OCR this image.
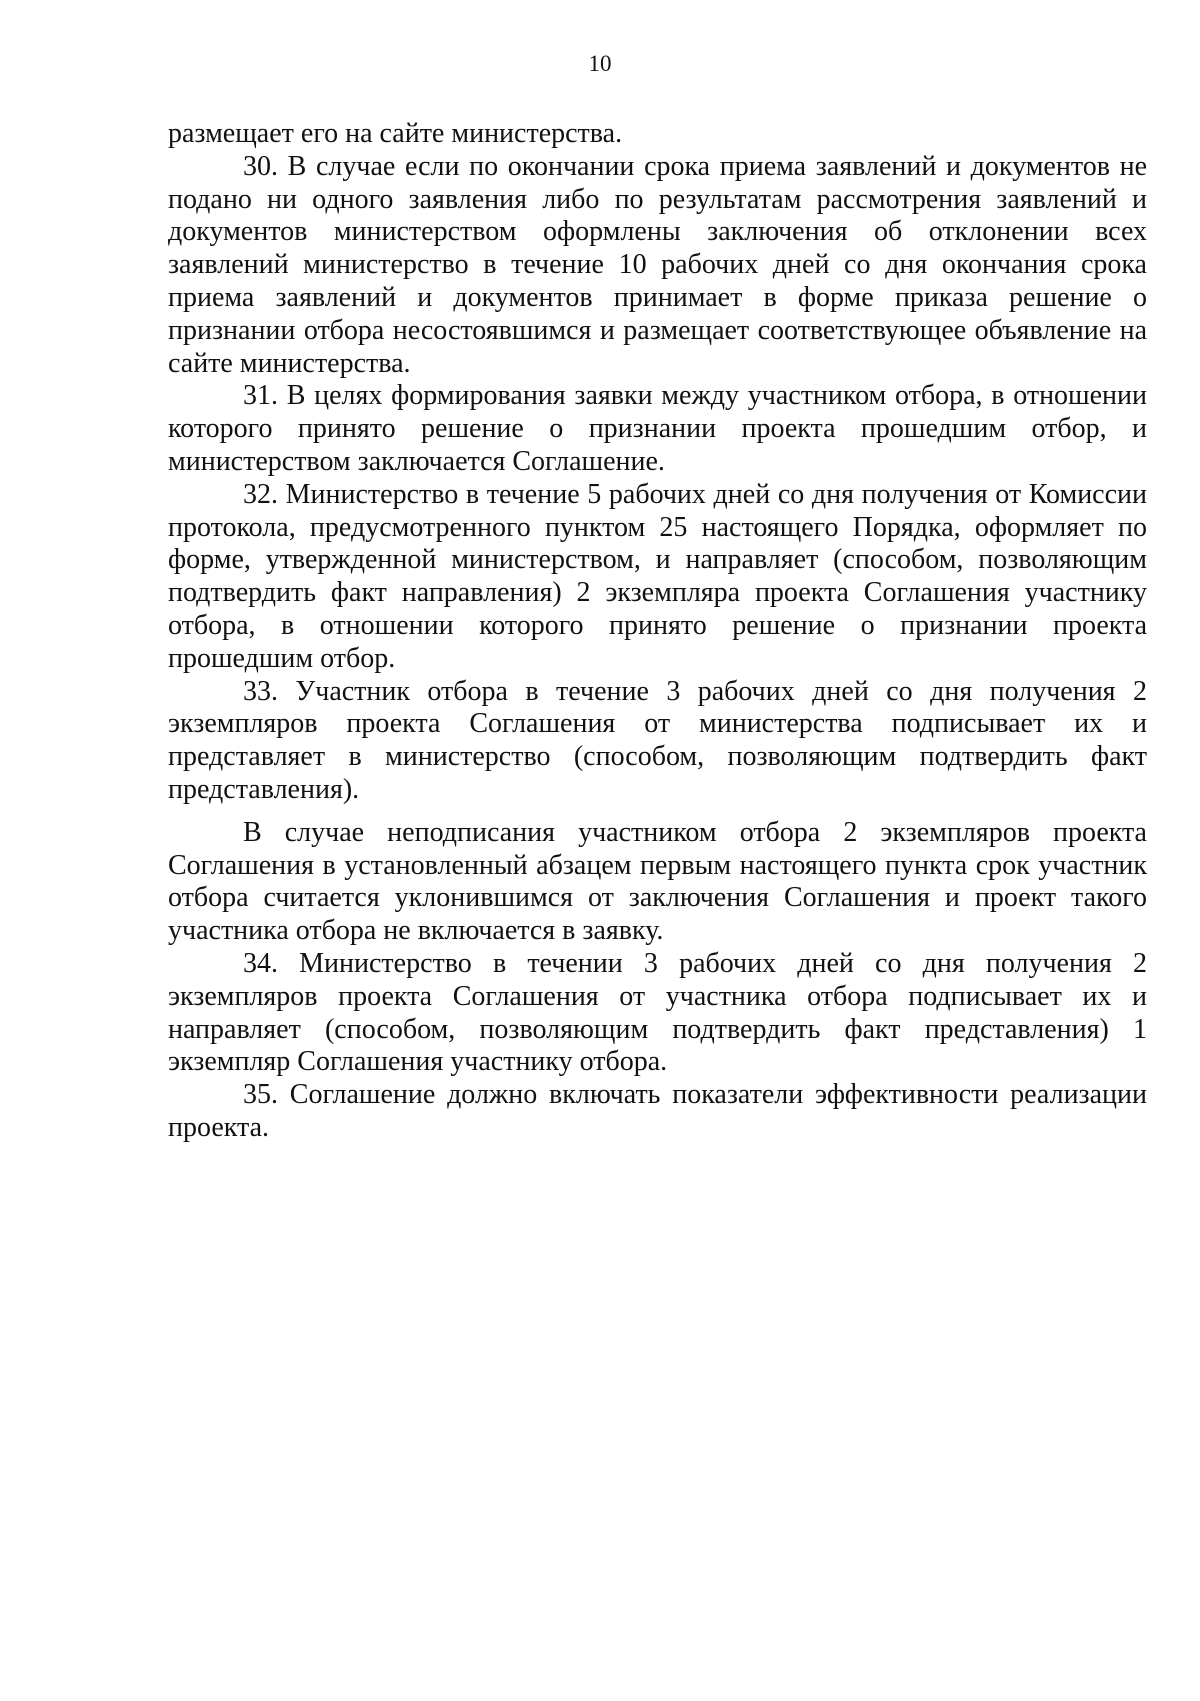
10

размещает его на сайте министерства.

30. В случае если по окончании срока приема заявлений и документов не подано ни одного заявления либо по результатам рассмотрения заявлений и документов министерством оформлены заключения об отклонении всех заявлений министерство в течение 10 рабочих дней со дня окончания срока приема заявлений и документов принимает в форме приказа решение о признании отбора несостоявшимся и размещает соответствующее объявление на сайте министерства.

31. В целях формирования заявки между участником отбора, в отношении которого принято решение о признании проекта прошедшим отбор, и министерством заключается Соглашение.

32. Министерство в течение 5 рабочих дней со дня получения от Комиссии протокола, предусмотренного пунктом 25 настоящего Порядка, оформляет по форме, утвержденной министерством, и направляет (способом, позволяющим подтвердить факт направления) 2 экземпляра проекта Соглашения участнику отбора, в отношении которого принято решение о признании проекта прошедшим отбор.

33. Участник отбора в течение 3 рабочих дней со дня получения 2 экземпляров проекта Соглашения от министерства подписывает их и представляет в министерство (способом, позволяющим подтвердить факт представления).

В случае неподписания участником отбора 2 экземпляров проекта Соглашения в установленный абзацем первым настоящего пункта срок участник отбора считается уклонившимся от заключения Соглашения и проект такого участника отбора не включается в заявку.

34. Министерство в течении 3 рабочих дней со дня получения 2 экземпляров проекта Соглашения от участника отбора подписывает их и направляет (способом, позволяющим подтвердить факт представления) 1 экземпляр Соглашения участнику отбора.

35. Соглашение должно включать показатели эффективности реализации проекта.
